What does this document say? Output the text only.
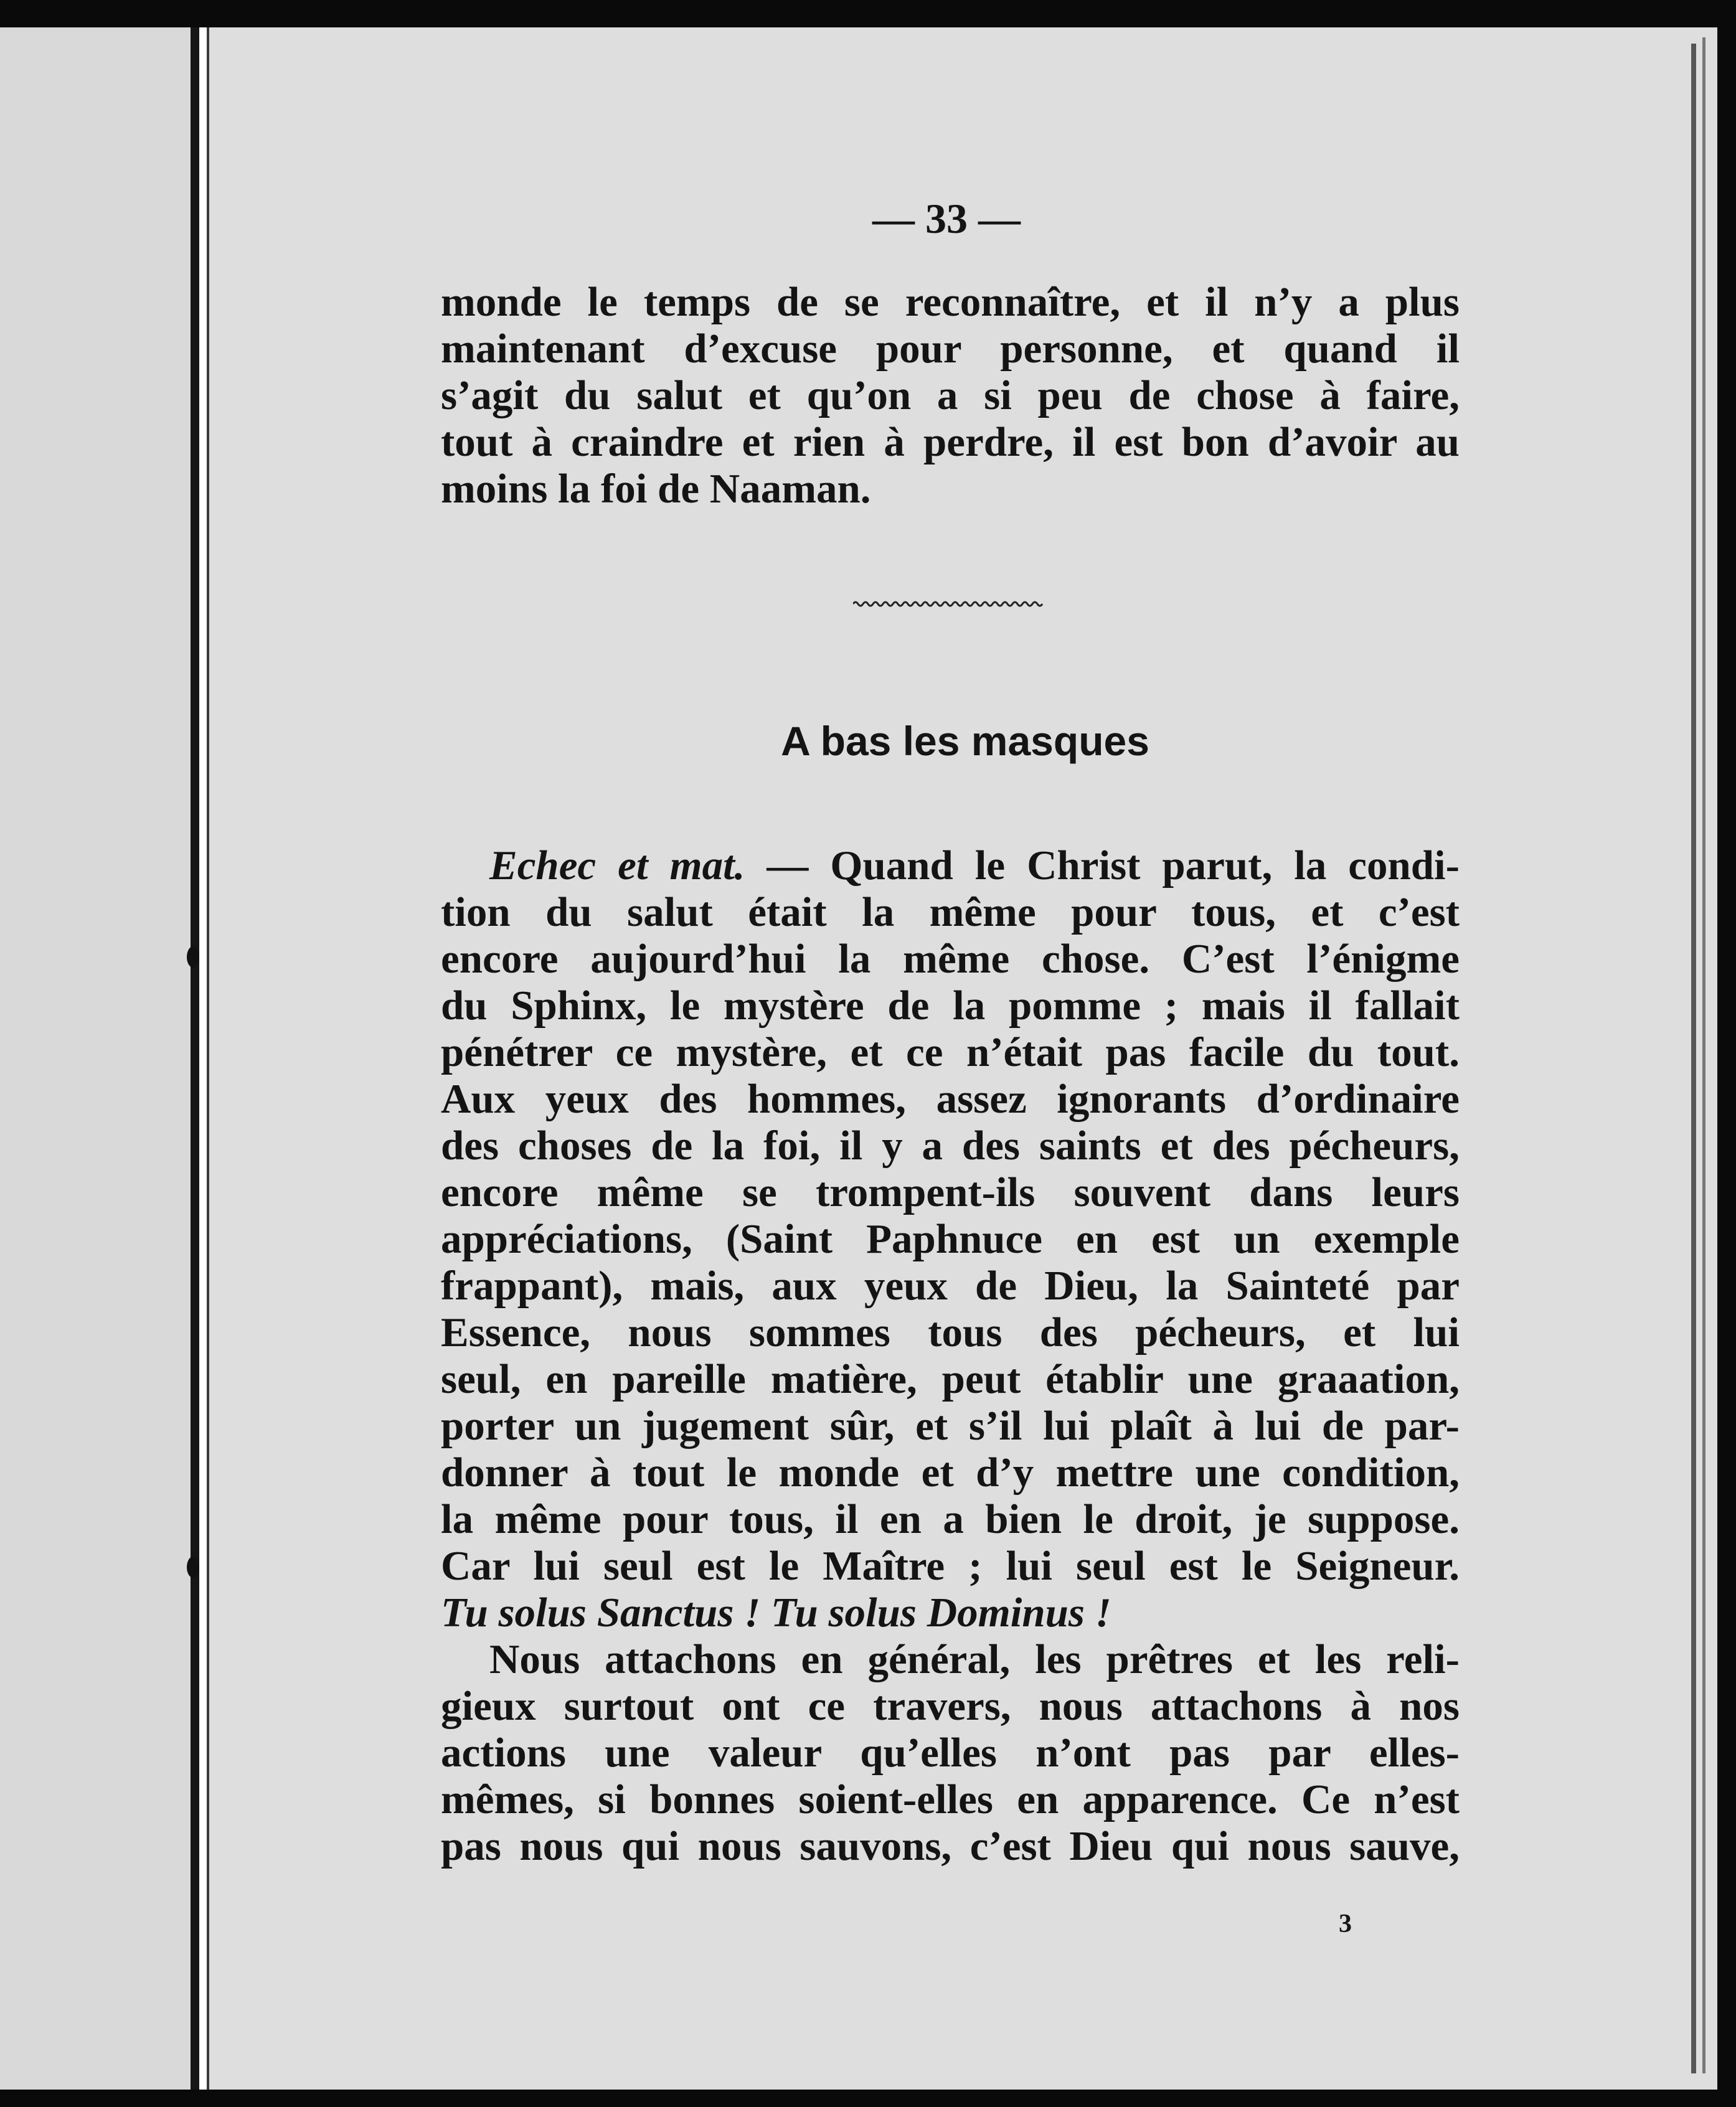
— 33 —
monde le temps de se reconnaître, et il n’y a plus
maintenant d’excuse pour personne, et quand il
s’agit du salut et qu’on a si peu de chose à faire,
tout à craindre et rien à perdre, il est bon d’avoir au
moins la foi de Naaman.
A bas les masques
Echec et mat. — Quand le Christ parut, la condi-
tion du salut était la même pour tous, et c’est
encore aujourd’hui la même chose. C’est l’énigme
du Sphinx, le mystère de la pomme ; mais il fallait
pénétrer ce mystère, et ce n’était pas facile du tout.
Aux yeux des hommes, assez ignorants d’ordinaire
des choses de la foi, il y a des saints et des pécheurs,
encore même se trompent-ils souvent dans leurs
appréciations, (Saint Paphnuce en est un exemple
frappant), mais, aux yeux de Dieu, la Sainteté par
Essence, nous sommes tous des pécheurs, et lui
seul, en pareille matière, peut établir une graaation,
porter un jugement sûr, et s’il lui plaît à lui de par-
donner à tout le monde et d’y mettre une condition,
la même pour tous, il en a bien le droit, je suppose.
Car lui seul est le Maître ; lui seul est le Seigneur.
Tu solus Sanctus ! Tu solus Dominus !
Nous attachons en général, les prêtres et les reli-
gieux surtout ont ce travers, nous attachons à nos
actions une valeur qu’elles n’ont pas par elles-
mêmes, si bonnes soient-elles en apparence. Ce n’est
pas nous qui nous sauvons, c’est Dieu qui nous sauve,
3
